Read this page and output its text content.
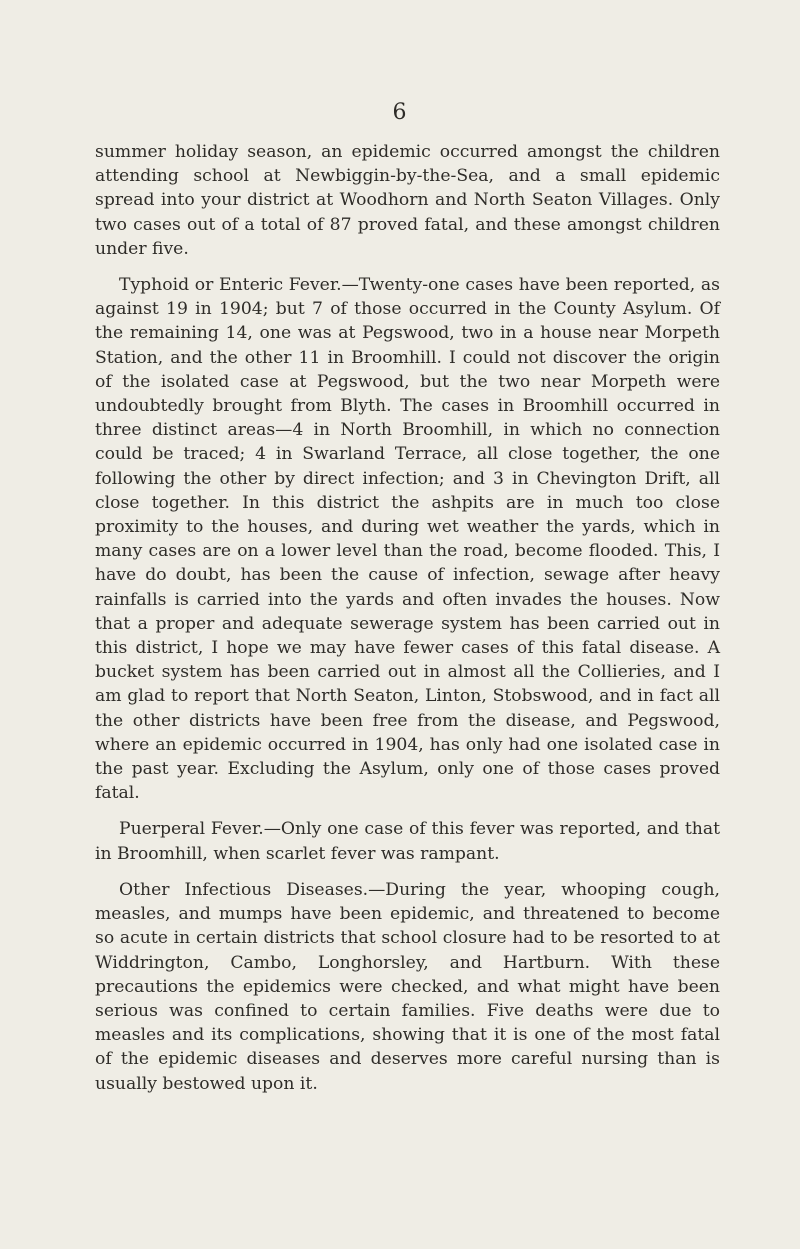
6

summer holiday season, an epidemic occurred amongst the children attending school at Newbiggin-by-the-Sea, and a small epidemic spread into your district at Woodhorn and North Seaton Villages. Only two cases out of a total of 87 proved fatal, and these amongst children under five.

Typhoid or Enteric Fever.—Twenty-one cases have been reported, as against 19 in 1904; but 7 of those occurred in the County Asylum. Of the remaining 14, one was at Pegswood, two in a house near Morpeth Station, and the other 11 in Broomhill. I could not discover the origin of the isolated case at Pegswood, but the two near Morpeth were undoubtedly brought from Blyth. The cases in Broomhill occurred in three distinct areas—4 in North Broomhill, in which no connection could be traced; 4 in Swarland Terrace, all close together, the one following the other by direct infection; and 3 in Chevington Drift, all close together. In this district the ashpits are in much too close proximity to the houses, and during wet weather the yards, which in many cases are on a lower level than the road, become flooded. This, I have do doubt, has been the cause of infection, sewage after heavy rainfalls is carried into the yards and often invades the houses. Now that a proper and adequate sewerage system has been carried out in this district, I hope we may have fewer cases of this fatal disease. A bucket system has been carried out in almost all the Collieries, and I am glad to report that North Seaton, Linton, Stobswood, and in fact all the other districts have been free from the disease, and Pegswood, where an epidemic occurred in 1904, has only had one isolated case in the past year. Excluding the Asylum, only one of those cases proved fatal.

Puerperal Fever.—Only one case of this fever was reported, and that in Broomhill, when scarlet fever was rampant.

Other Infectious Diseases.—During the year, whooping cough, measles, and mumps have been epidemic, and threatened to become so acute in certain districts that school closure had to be resorted to at Widdrington, Cambo, Longhorsley, and Hartburn. With these precautions the epidemics were checked, and what might have been serious was confined to certain families. Five deaths were due to measles and its complications, showing that it is one of the most fatal of the epidemic diseases and deserves more careful nursing than is usually bestowed upon it.
